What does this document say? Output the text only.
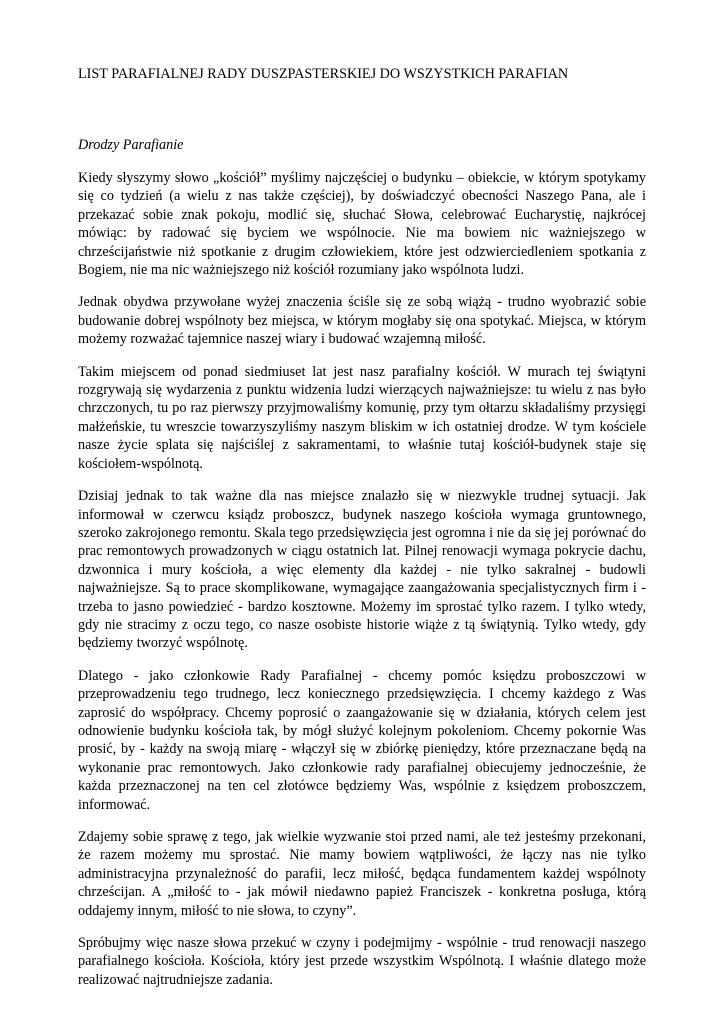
LIST PARAFIALNEJ RADY DUSZPASTERSKIEJ DO WSZYSTKICH PARAFIAN

Drodzy Parafianie

Kiedy słyszymy słowo „kościół” myślimy najczęściej o budynku – obiekcie, w którym spotykamy się co tydzień (a wielu z nas także częściej), by doświadczyć obecności Naszego Pana, ale i przekazać sobie znak pokoju, modlić się, słuchać Słowa, celebrować Eucharystię, najkrócej mówiąc: by radować się byciem we wspólnocie. Nie ma bowiem nic ważniejszego w chrześcijaństwie niż spotkanie z drugim człowiekiem, które jest odzwierciedleniem spotkania z Bogiem, nie ma nic ważniejszego niż kościół rozumiany jako wspólnota ludzi.

Jednak obydwa przywołane wyżej znaczenia ściśle się ze sobą wiążą - trudno wyobrazić sobie budowanie dobrej wspólnoty bez miejsca, w którym mogłaby się ona spotykać. Miejsca, w którym możemy rozważać tajemnice naszej wiary i budować wzajemną miłość.

Takim miejscem od ponad siedmiuset lat jest nasz parafialny kościół. W murach tej świątyni rozgrywają się wydarzenia z punktu widzenia ludzi wierzących najważniejsze: tu wielu z nas było chrzczonych, tu po raz pierwszy przyjmowaliśmy komunię, przy tym ołtarzu składaliśmy przysięgi małżeńskie, tu wreszcie towarzyszyliśmy naszym bliskim w ich ostatniej drodze. W tym kościele nasze życie splata się najściślej z sakramentami, to właśnie tutaj kościół-budynek staje się kościołem-wspólnotą.

Dzisiaj jednak to tak ważne dla nas miejsce znalazło się w niezwykle trudnej sytuacji. Jak informował w czerwcu ksiądz proboszcz, budynek naszego kościoła wymaga gruntownego, szeroko zakrojonego remontu. Skala tego przedsięwzięcia jest ogromna i nie da się jej porównać do prac remontowych prowadzonych w ciągu ostatnich lat. Pilnej renowacji wymaga pokrycie dachu, dzwonnica i mury kościoła, a więc elementy dla każdej - nie tylko sakralnej - budowli najważniejsze. Są to prace skomplikowane, wymagające zaangażowania specjalistycznych firm i - trzeba to jasno powiedzieć - bardzo kosztowne. Możemy im sprostać tylko razem. I tylko wtedy, gdy nie stracimy z oczu tego, co nasze osobiste historie wiąże z tą świątynią. Tylko wtedy, gdy będziemy tworzyć wspólnotę.

Dlatego - jako członkowie Rady Parafialnej - chcemy pomóc księdzu proboszczowi w przeprowadzeniu tego trudnego, lecz koniecznego przedsięwzięcia. I chcemy każdego z Was zaprosić do współpracy. Chcemy poprosić o zaangażowanie się w działania, których celem jest odnowienie budynku kościoła tak, by mógł służyć kolejnym pokoleniom. Chcemy pokornie Was prosić, by - każdy na swoją miarę - włączył się w zbiórkę pieniędzy, które przeznaczane będą na wykonanie prac remontowych. Jako członkowie rady parafialnej obiecujemy jednocześnie, że każda przeznaczonej na ten cel złotówce będziemy Was, wspólnie z księdzem proboszczem, informować.

Zdajemy sobie sprawę z tego, jak wielkie wyzwanie stoi przed nami, ale też jesteśmy przekonani, że razem możemy mu sprostać. Nie mamy bowiem wątpliwości, że łączy nas nie tylko administracyjna przynależność do parafii, lecz miłość, będąca fundamentem każdej wspólnoty chrześcijan. A „miłość to - jak mówił niedawno papież Franciszek - konkretna posługa, którą oddajemy innym, miłość to nie słowa, to czyny”.

Spróbujmy więc nasze słowa przekuć w czyny i podejmijmy - wspólnie - trud renowacji naszego parafialnego kościoła. Kościoła, który jest przede wszystkim Wspólnotą. I właśnie dlatego może realizować najtrudniejsze zadania.
